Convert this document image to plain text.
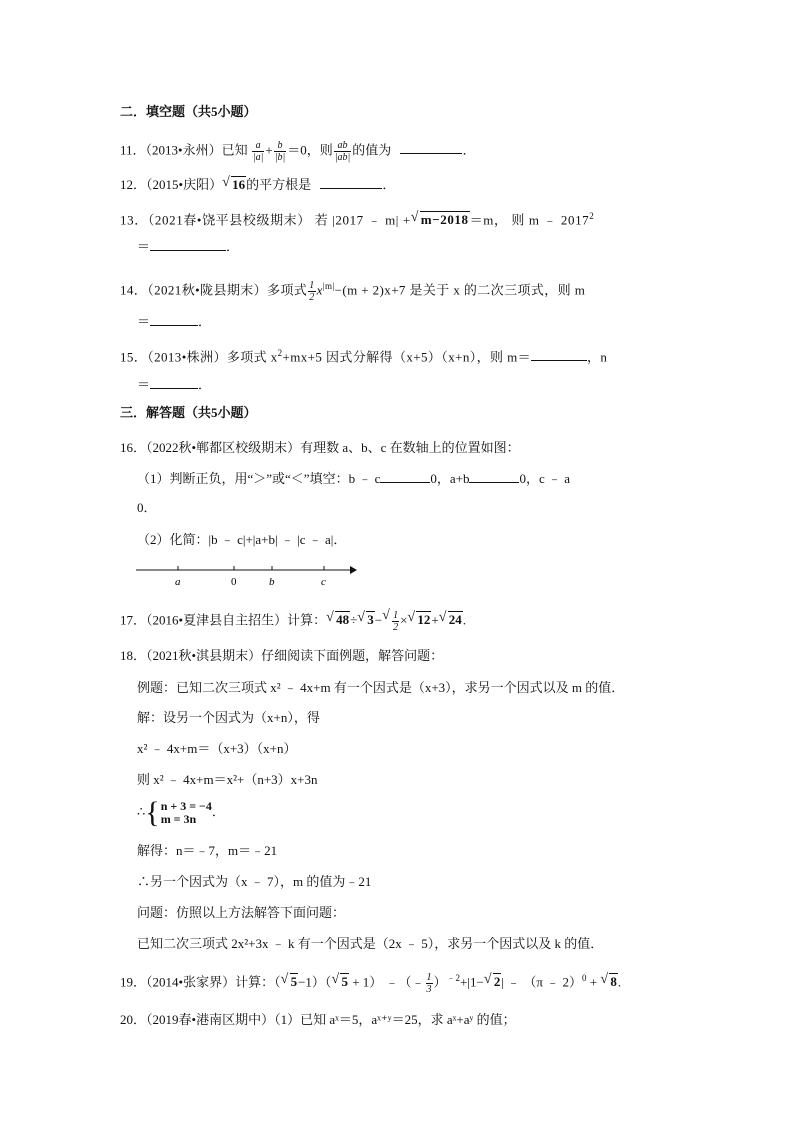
二．填空题（共5小题）
11．（2013•永州）已知 $\frac{a}{|a|} + \frac{b}{|b|} =0$，则 $\frac{ab}{|ab|}$ 的值为	．
12．（2015•庆阳）√ 16的平方根是	．
13．（2021春•饶平县校级期末） 若 |2017 ﹣ m| +√ m−2018＝m， 则 m ﹣ $2017^2$
＝	．
14．（2021秋•陇县期末）多项式 $\frac{1}{2} x^{|m|}-(m + 2)x+7$ 是关于 x 的二次三项式，则 m
＝	．
15．（2013•株洲）多项式 $x^2+mx+5$ 因式分解得（x+5）（x+n），则 m＝	，n
＝	．
三．解答题（共5小题）
16．（2022秋•郸都区校级期末）有理数 a、b、c 在数轴上的位置如图：
（1）判断正负，用“＞”或“＜”填空：b ﹣ c	0，a+b	0，c ﹣ a
0．
（2）化简：|b ﹣ c|+|a+b| ﹣ |c ﹣ a|．
a	0	b	c
17．（2016•夏津县自主招生）计算：√ 48÷√ 3−
√ $\frac{1}{2}$ ×√ 12+√ 24.
18．（2021秋•淇县期末）仔细阅读下面例题，解答问题：
例题：已知二次三项式 x² ﹣ 4x+m 有一个因式是（x+3），求另一个因式以及 m 的值．
解：设另一个因式为（x+n），得
x² ﹣ 4x+m＝（x+3）（x+n）
则 x² ﹣ 4x+m＝x²+（n+3）x+3n
∴{ n + 3 = −4
m = 3n
．
解得：n＝﹣7，m＝﹣21
∴另一个因式为（x ﹣ 7），m 的值为﹣21
问题：仿照以上方法解答下面问题：
已知二次三项式 2x²+3x ﹣ k 有一个因式是（2x ﹣ 5），求另一个因式以及 k 的值．
19．（2014•张家界）计算：（√ 5−1）（√ 5 + 1） ﹣（﹣ $\frac{1}{3} )^{﹣2}+|1-√$ 2| ﹣ （π ﹣ 2）$^0$ + √ 8.
20．（2019春•港南区期中）（1）已知 aˣ＝5，aˣ⁺ʸ＝25，求 aˣ+aʸ 的值；
